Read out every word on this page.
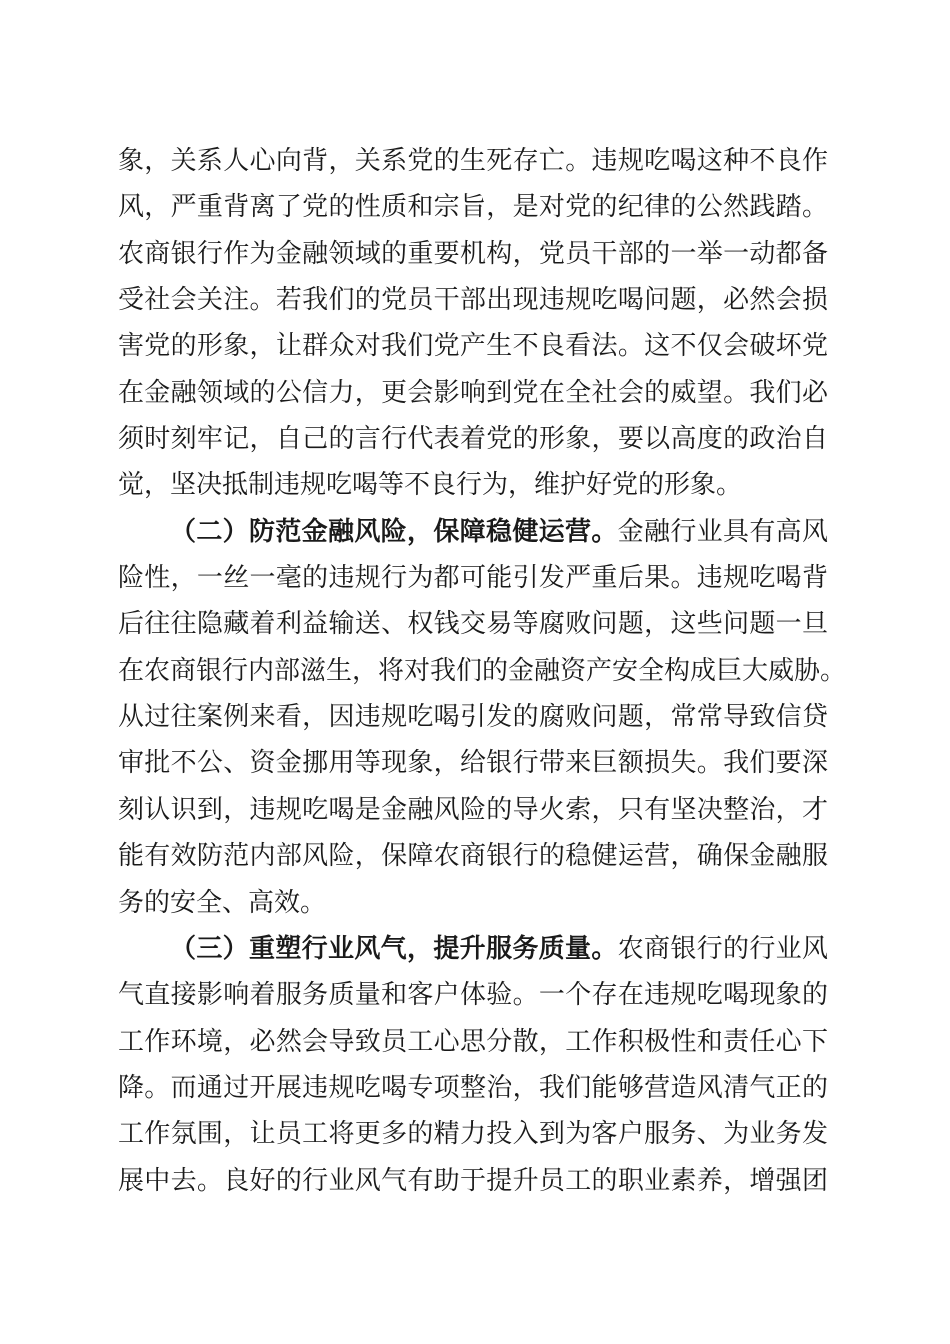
象，关系人心向背，关系党的生死存亡。违规吃喝这种不良作
风，严重背离了党的性质和宗旨，是对党的纪律的公然践踏。
农商银行作为金融领域的重要机构，党员干部的一举一动都备
受社会关注。若我们的党员干部出现违规吃喝问题，必然会损
害党的形象，让群众对我们党产生不良看法。这不仅会破坏党
在金融领域的公信力，更会影响到党在全社会的威望。我们必
须时刻牢记，自己的言行代表着党的形象，要以高度的政治自
觉，坚决抵制违规吃喝等不良行为，维护好党的形象。
（二）防范金融风险，保障稳健运营。金融行业具有高风
险性，一丝一毫的违规行为都可能引发严重后果。违规吃喝背
后往往隐藏着利益输送、权钱交易等腐败问题，这些问题一旦
在农商银行内部滋生，将对我们的金融资产安全构成巨大威胁。
从过往案例来看，因违规吃喝引发的腐败问题，常常导致信贷
审批不公、资金挪用等现象，给银行带来巨额损失。我们要深
刻认识到，违规吃喝是金融风险的导火索，只有坚决整治，才
能有效防范内部风险，保障农商银行的稳健运营，确保金融服
务的安全、高效。
（三）重塑行业风气，提升服务质量。农商银行的行业风
气直接影响着服务质量和客户体验。一个存在违规吃喝现象的
工作环境，必然会导致员工心思分散，工作积极性和责任心下
降。而通过开展违规吃喝专项整治，我们能够营造风清气正的
工作氛围，让员工将更多的精力投入到为客户服务、为业务发
展中去。良好的行业风气有助于提升员工的职业素养，增强团
